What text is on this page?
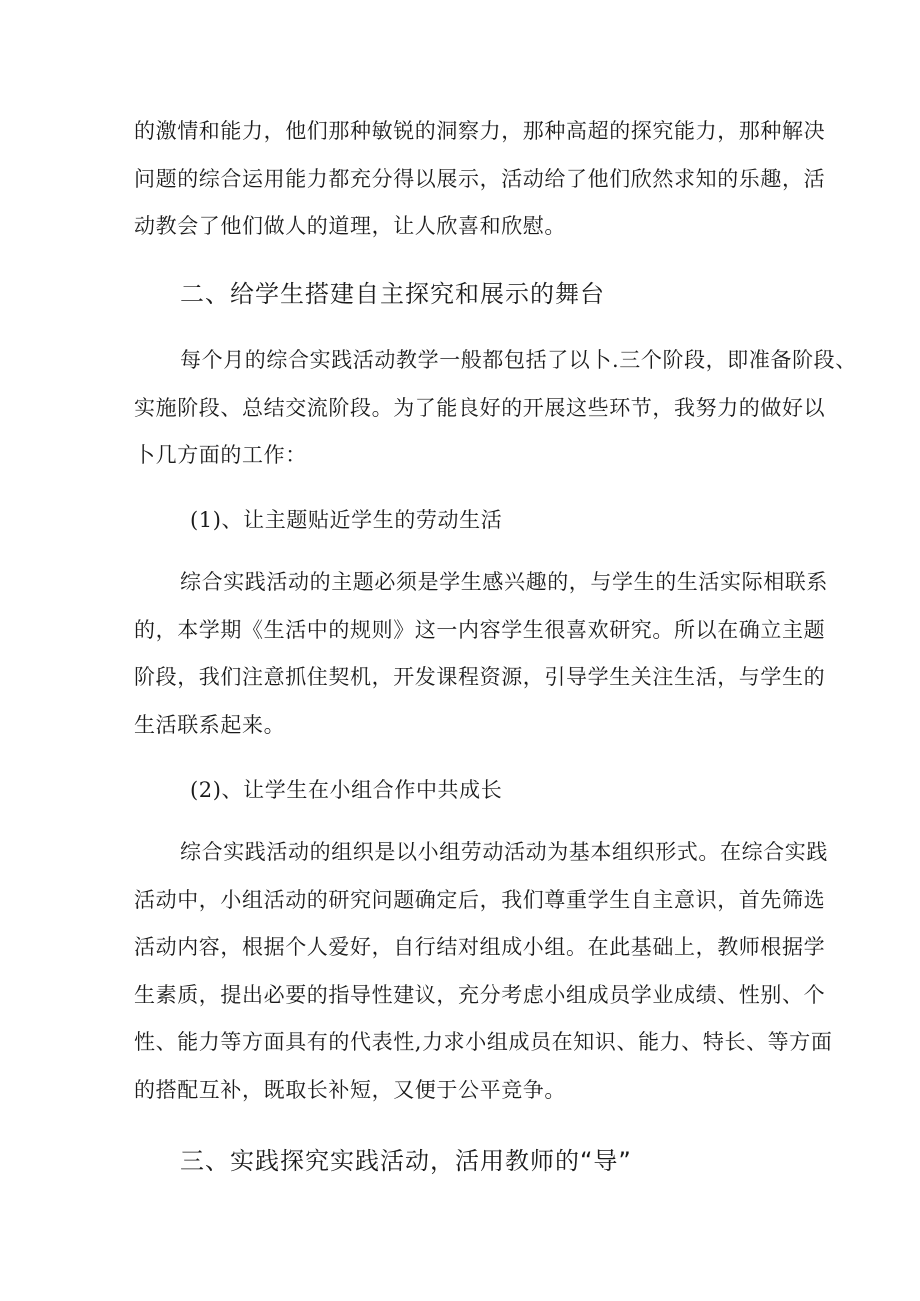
的激情和能力，他们那种敏锐的洞察力，那种高超的探究能力，那种解决
问题的综合运用能力都充分得以展示，活动给了他们欣然求知的乐趣，活
动教会了他们做人的道理，让人欣喜和欣慰。
二、给学生搭建自主探究和展示的舞台
每个月的综合实践活动教学一般都包括了以卜.三个阶段，即准备阶段、
实施阶段、总结交流阶段。为了能良好的开展这些环节，我努力的做好以
卜几方面的工作：
(1)、让主题贴近学生的劳动生活
综合实践活动的主题必须是学生感兴趣的，与学生的生活实际相联系
的，本学期《生活中的规则》这一内容学生很喜欢研究。所以在确立主题
阶段，我们注意抓住契机，开发课程资源，引导学生关注生活，与学生的
生活联系起来。
(2)、让学生在小组合作中共成长
综合实践活动的组织是以小组劳动活动为基本组织形式。在综合实践
活动中，小组活动的研究问题确定后，我们尊重学生自主意识，首先筛选
活动内容，根据个人爱好，自行结对组成小组。在此基础上，教师根据学
生素质，提出必要的指导性建议，充分考虑小组成员学业成绩、性别、个
性、能力等方面具有的代表性,力求小组成员在知识、能力、特长、等方面
的搭配互补，既取长补短，又便于公平竞争。
三、实践探究实践活动，活用教师的“导”
